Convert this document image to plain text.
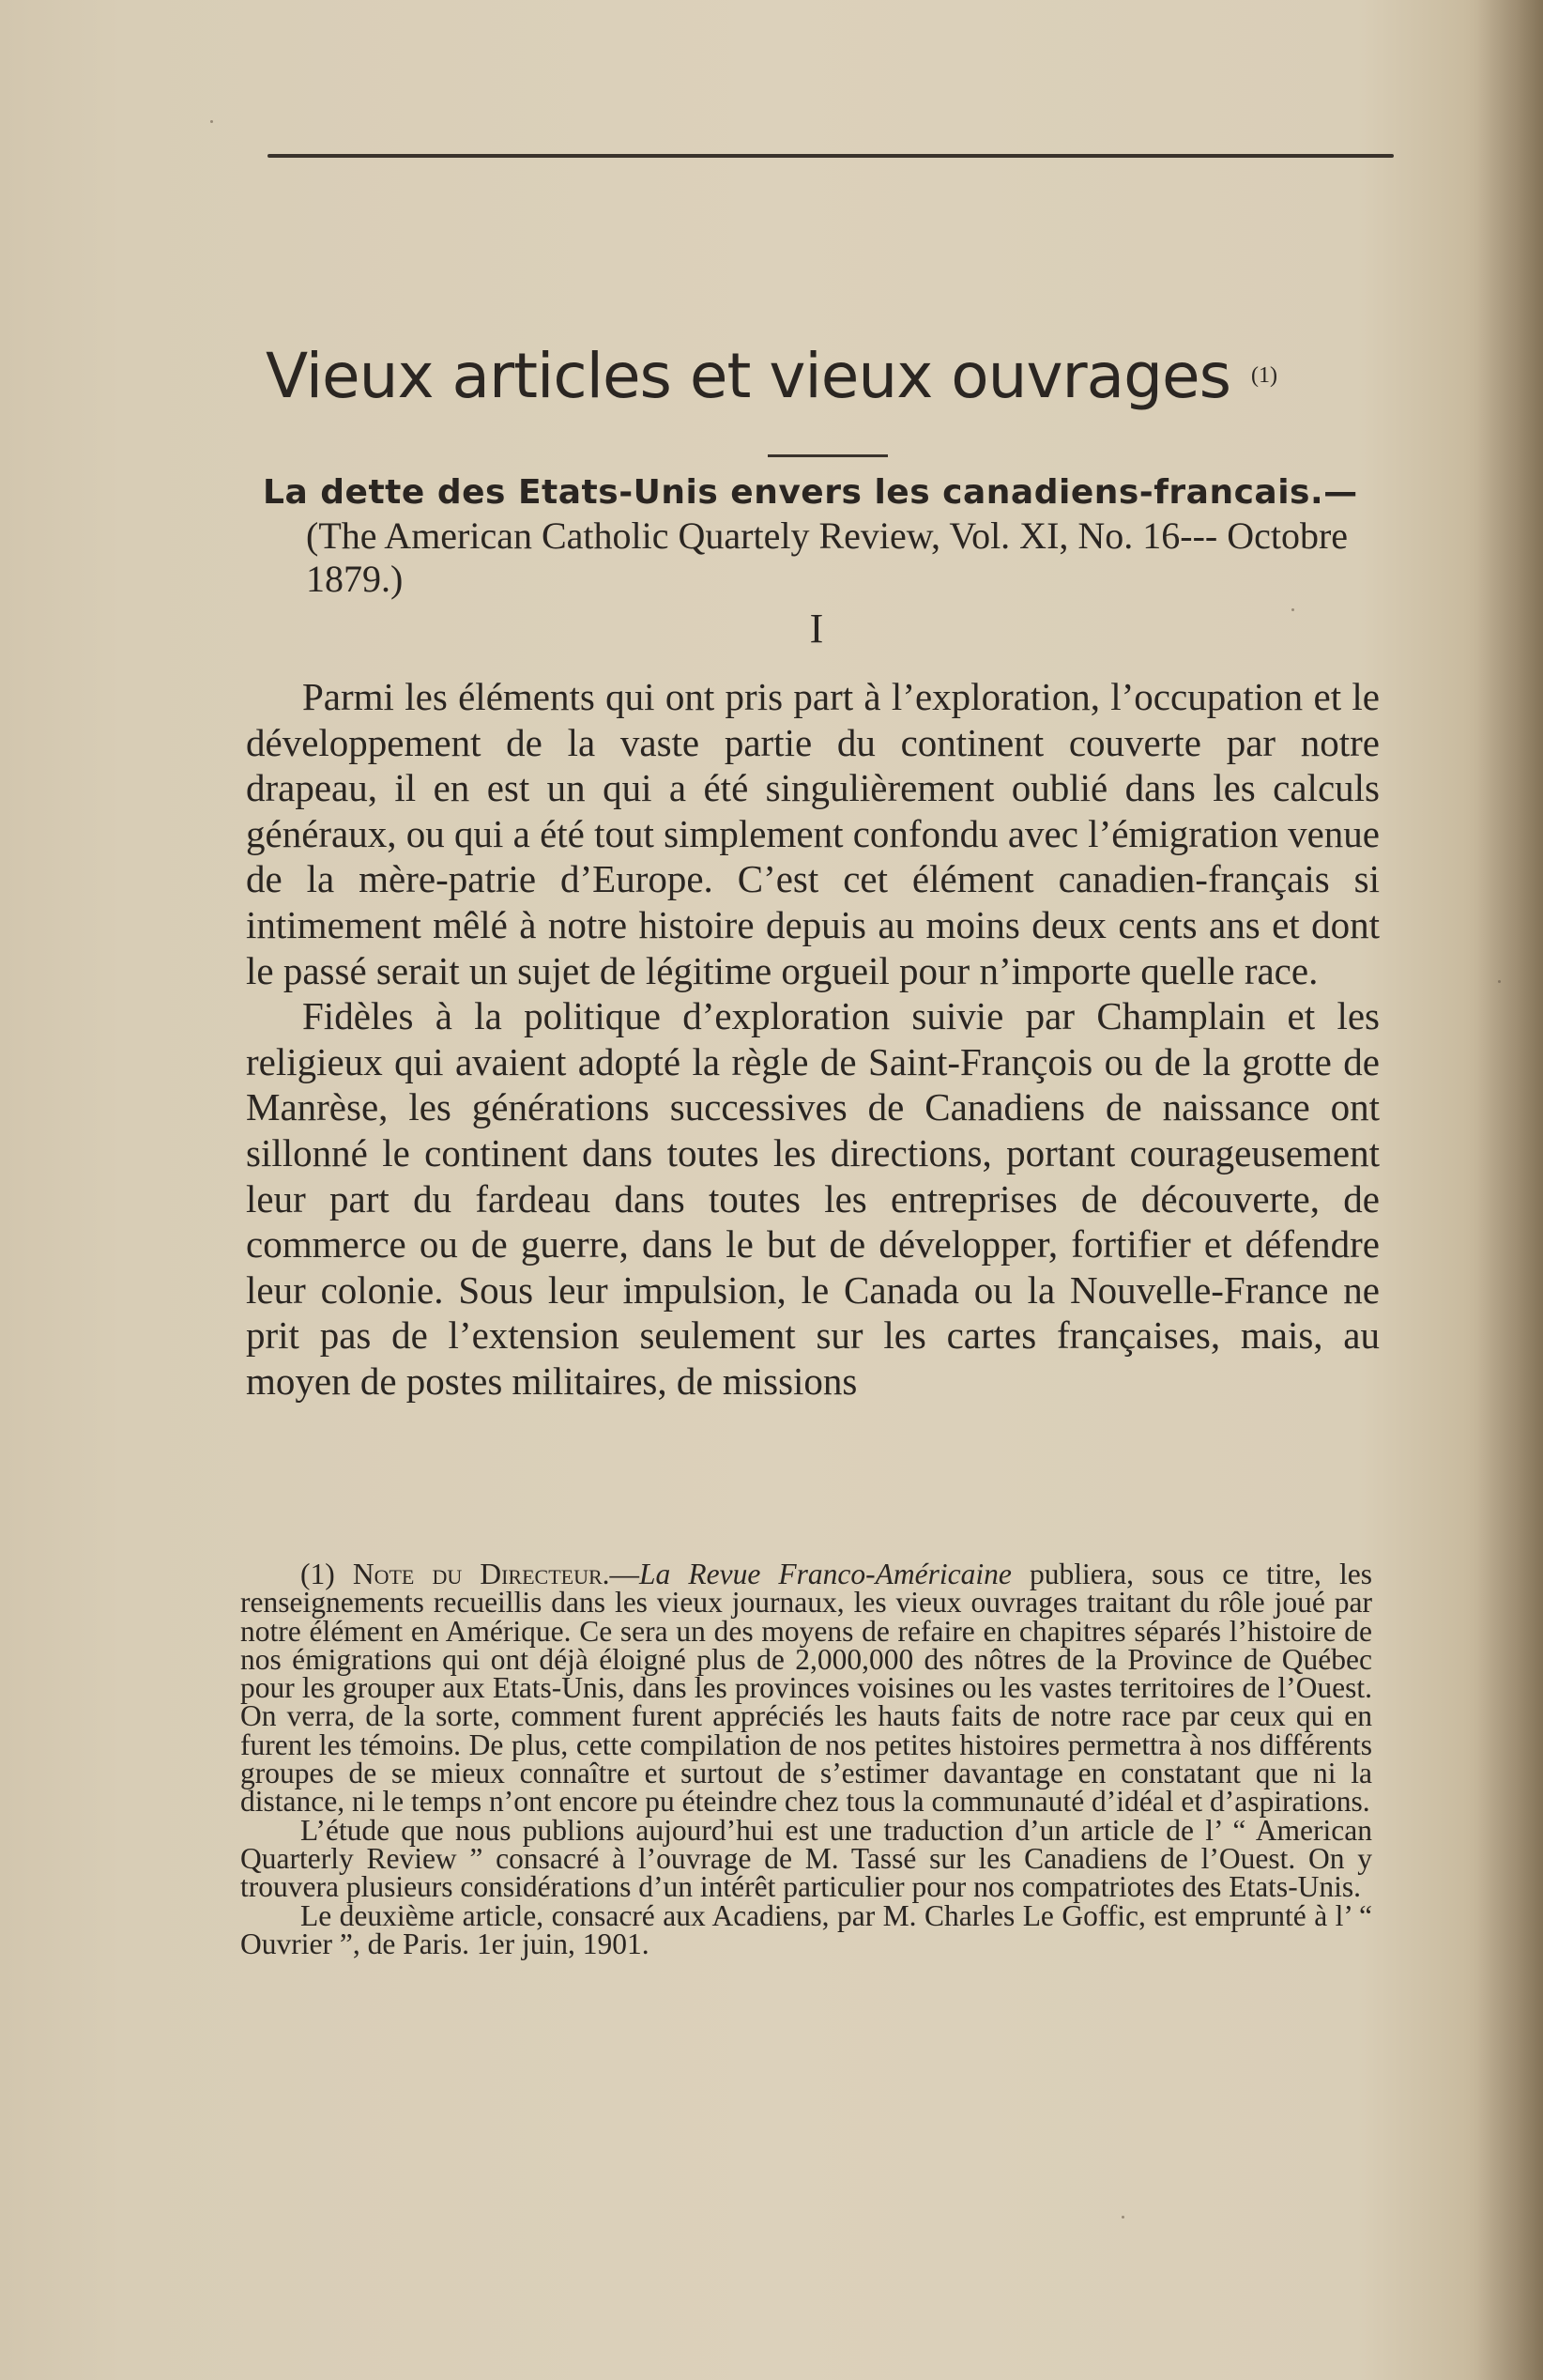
Vieux articles et vieux ouvrages (1)
La dette des Etats-Unis envers les canadiens-francais.—
(The American Catholic Quartely Review, Vol. XI, No. 16--- Octobre 1879.)
I

Parmi les éléments qui ont pris part à l’exploration, l’occupation et le développement de la vaste partie du continent couverte par notre drapeau, il en est un qui a été singulièrement oublié dans les calculs généraux, ou qui a été tout simplement confondu avec l’émigration venue de la mère-patrie d’Europe. C’est cet élément canadien-français si intimement mêlé à notre histoire depuis au moins deux cents ans et dont le passé serait un sujet de légitime orgueil pour n’importe quelle race.

Fidèles à la politique d’exploration suivie par Champlain et les religieux qui avaient adopté la règle de Saint-François ou de la grotte de Manrèse, les générations successives de Canadiens de naissance ont sillonné le continent dans toutes les directions, portant courageusement leur part du fardeau dans toutes les entreprises de découverte, de commerce ou de guerre, dans le but de développer, fortifier et défendre leur colonie. Sous leur impulsion, le Canada ou la Nouvelle-France ne prit pas de l’extension seulement sur les cartes françaises, mais, au moyen de postes militaires, de missions

(1) Note du Directeur.—La Revue Franco-Américaine publiera, sous ce titre, les renseignements recueillis dans les vieux journaux, les vieux ouvrages traitant du rôle joué par notre élément en Amérique. Ce sera un des moyens de refaire en chapitres séparés l’histoire de nos émigrations qui ont déjà éloigné plus de 2,000,000 des nôtres de la Province de Québec pour les grouper aux Etats-Unis, dans les provinces voisines ou les vastes territoires de l’Ouest. On verra, de la sorte, comment furent appréciés les hauts faits de notre race par ceux qui en furent les témoins. De plus, cette compilation de nos petites histoires permettra à nos différents groupes de se mieux connaître et surtout de s’estimer davantage en constatant que ni la distance, ni le temps n’ont encore pu éteindre chez tous la communauté d’idéal et d’aspirations.

L’étude que nous publions aujourd’hui est une traduction d’un article de l’ “ American Quarterly Review ” consacré à l’ouvrage de M. Tassé sur les Canadiens de l’Ouest. On y trouvera plusieurs considérations d’un intérêt particulier pour nos compatriotes des Etats-Unis.

Le deuxième article, consacré aux Acadiens, par M. Charles Le Goffic, est emprunté à l’ “ Ouvrier ”, de Paris. 1er juin, 1901.
